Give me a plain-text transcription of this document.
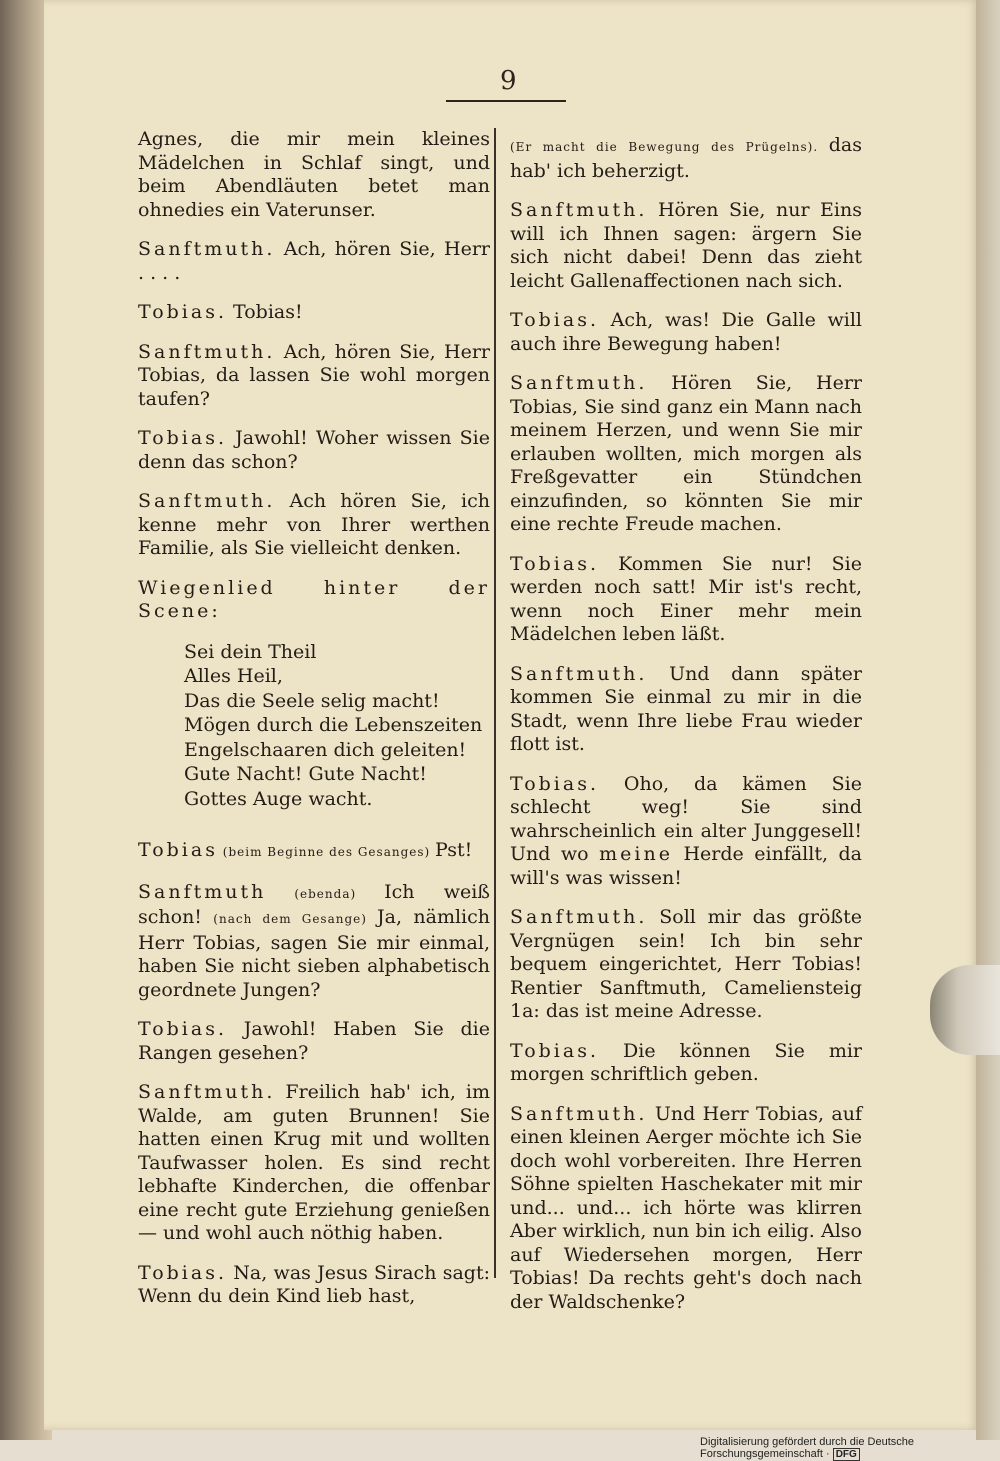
9

Agnes, die mir mein kleines Mädelchen in Schlaf singt, und beim Abendläuten betet man ohnedies ein Vaterunser.

Sanftmuth. Ach, hören Sie, Herr . . . .

Tobias. Tobias!

Sanftmuth. Ach, hören Sie, Herr Tobias, da lassen Sie wohl morgen taufen?

Tobias. Jawohl! Woher wissen Sie denn das schon?

Sanftmuth. Ach hören Sie, ich kenne mehr von Ihrer werthen Familie, als Sie vielleicht denken.

Wiegenlied hinter der Scene:

Sei dein Theil
Alles Heil,
Das die Seele selig macht!
Mögen durch die Lebenszeiten
Engelschaaren dich geleiten!
Gute Nacht! Gute Nacht!
Gottes Auge wacht.

Tobias (beim Beginne des Gesanges) Pst!

Sanftmuth (ebenda) Ich weiß schon! (nach dem Gesange) Ja, nämlich Herr Tobias, sagen Sie mir einmal, haben Sie nicht sieben alphabetisch geordnete Jungen?

Tobias. Jawohl! Haben Sie die Rangen gesehen?

Sanftmuth. Freilich hab' ich, im Walde, am guten Brunnen! Sie hatten einen Krug mit und wollten Taufwasser holen. Es sind recht lebhafte Kinderchen, die offenbar eine recht gute Erziehung genießen — und wohl auch nöthig haben.

Tobias. Na, was Jesus Sirach sagt: Wenn du dein Kind lieb hast,

(Er macht die Bewegung des Prügelns). das hab' ich beherzigt.

Sanftmuth. Hören Sie, nur Eins will ich Ihnen sagen: ärgern Sie sich nicht dabei! Denn das zieht leicht Gallenaffectionen nach sich.

Tobias. Ach, was! Die Galle will auch ihre Bewegung haben!

Sanftmuth. Hören Sie, Herr Tobias, Sie sind ganz ein Mann nach meinem Herzen, und wenn Sie mir erlauben wollten, mich morgen als Freßgevatter ein Stündchen einzufinden, so könnten Sie mir eine rechte Freude machen.

Tobias. Kommen Sie nur! Sie werden noch satt! Mir ist's recht, wenn noch Einer mehr mein Mädelchen leben läßt.

Sanftmuth. Und dann später kommen Sie einmal zu mir in die Stadt, wenn Ihre liebe Frau wieder flott ist.

Tobias. Oho, da kämen Sie schlecht weg! Sie sind wahrscheinlich ein alter Junggesell! Und wo meine Herde einfällt, da will's was wissen!

Sanftmuth. Soll mir das größte Vergnügen sein! Ich bin sehr bequem eingerichtet, Herr Tobias! Rentier Sanftmuth, Cameliensteig 1a: das ist meine Adresse.

Tobias. Die können Sie mir morgen schriftlich geben.

Sanftmuth. Und Herr Tobias, auf einen kleinen Aerger möchte ich Sie doch wohl vorbereiten. Ihre Herren Söhne spielten Haschekater mit mir und... und... ich hörte was klirren Aber wirklich, nun bin ich eilig. Also auf Wiedersehen morgen, Herr Tobias! Da rechts geht's doch nach der Waldschenke?

Digitalisierung gefördert durch die Deutsche Forschungsgemeinschaft · DFG
